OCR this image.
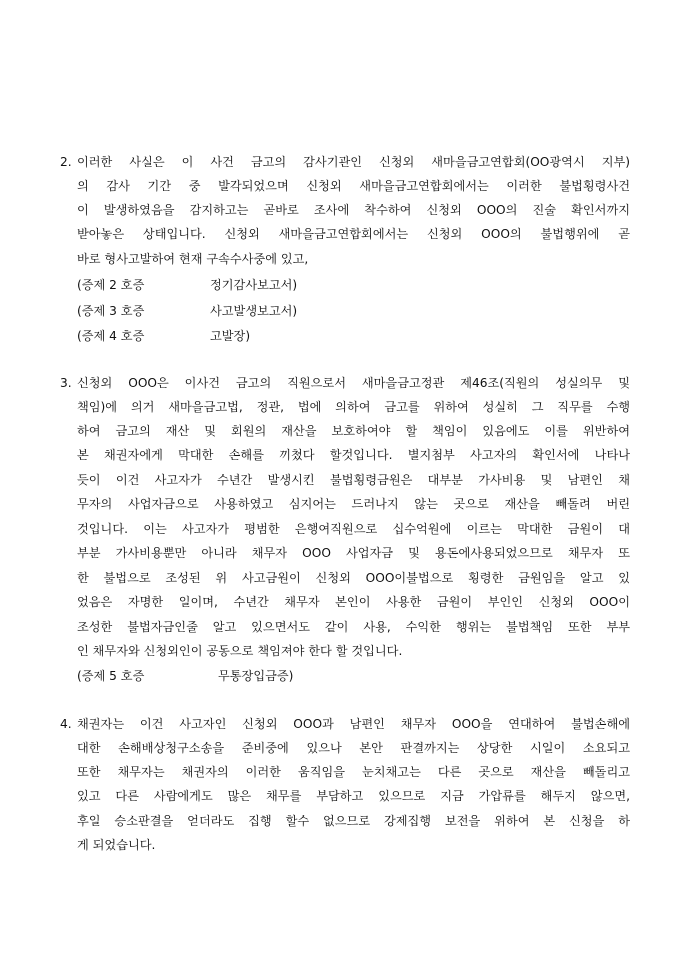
2. 이러한 사실은 이 사건 금고의 감사기관인 신청외 새마을금고연합회(OO광역시 지부)
의 감사 기간 중 발각되었으며 신청외 새마을금고연합회에서는 이러한 불법횡령사건
이 발생하였음을 감지하고는 곧바로 조사에 착수하여 신청외 OOO의 진술 확인서까지
받아놓은 상태입니다. 신청외 새마을금고연합회에서는 신청외 OOO의 불법행위에 곧
바로 형사고발하여 현재 구속수사중에 있고,
(증제 2 호증	정기감사보고서)
(증제 3 호증	사고발생보고서)
(증제 4 호증	고발장)
3. 신청외 OOO은 이사건 금고의 직원으로서 새마을금고정관 제46조(직원의 성실의무 및
책임)에 의거 새마을금고법, 정관, 법에 의하여 금고를 위하여 성실히 그 직무를 수행
하여 금고의 재산 및 회원의 재산을 보호하여야 할 책임이 있음에도 이를 위반하여
본 채권자에게 막대한 손해를 끼쳤다 할것입니다. 별지첨부 사고자의 확인서에 나타나
듯이 이건 사고자가 수년간 발생시킨 불법횡령금원은 대부분 가사비용 및 남편인 채
무자의 사업자금으로 사용하였고 심지어는 드러나지 않는 곳으로 재산을 빼돌려 버린
것입니다. 이는 사고자가 평범한 은행여직원으로 십수억원에 이르는 막대한 금원이 대
부분 가사비용뿐만 아니라 채무자 OOO 사업자금 및 용돈에사용되었으므로 채무자 또
한 불법으로 조성된 위 사고금원이 신청외 OOO이불법으로 횡령한 금원임을 알고 있
었음은 자명한 일이며, 수년간 채무자 본인이 사용한 금원이 부인인 신청외 OOO이
조성한 불법자금인줄 알고 있으면서도 같이 사용, 수익한 행위는 불법책임 또한 부부
인 채무자와 신청외인이 공동으로 책임져야 한다 할 것입니다.
(증제 5 호증	무통장입금증)
4. 채권자는 이건 사고자인 신청외 OOO과 남편인 채무자 OOO을 연대하여 불법손해에
대한 손해배상청구소송을 준비중에 있으나 본안 판결까지는 상당한 시일이 소요되고
또한 채무자는 채권자의 이러한 움직임을 눈치채고는 다른 곳으로 재산을 빼돌리고
있고 다른 사람에게도 많은 채무를 부담하고 있으므로 지금 가압류를 해두지 않으면,
후일 승소판결을 얻더라도 집행 할수 없으므로 강제집행 보전을 위하여 본 신청을 하
게 되었습니다.
